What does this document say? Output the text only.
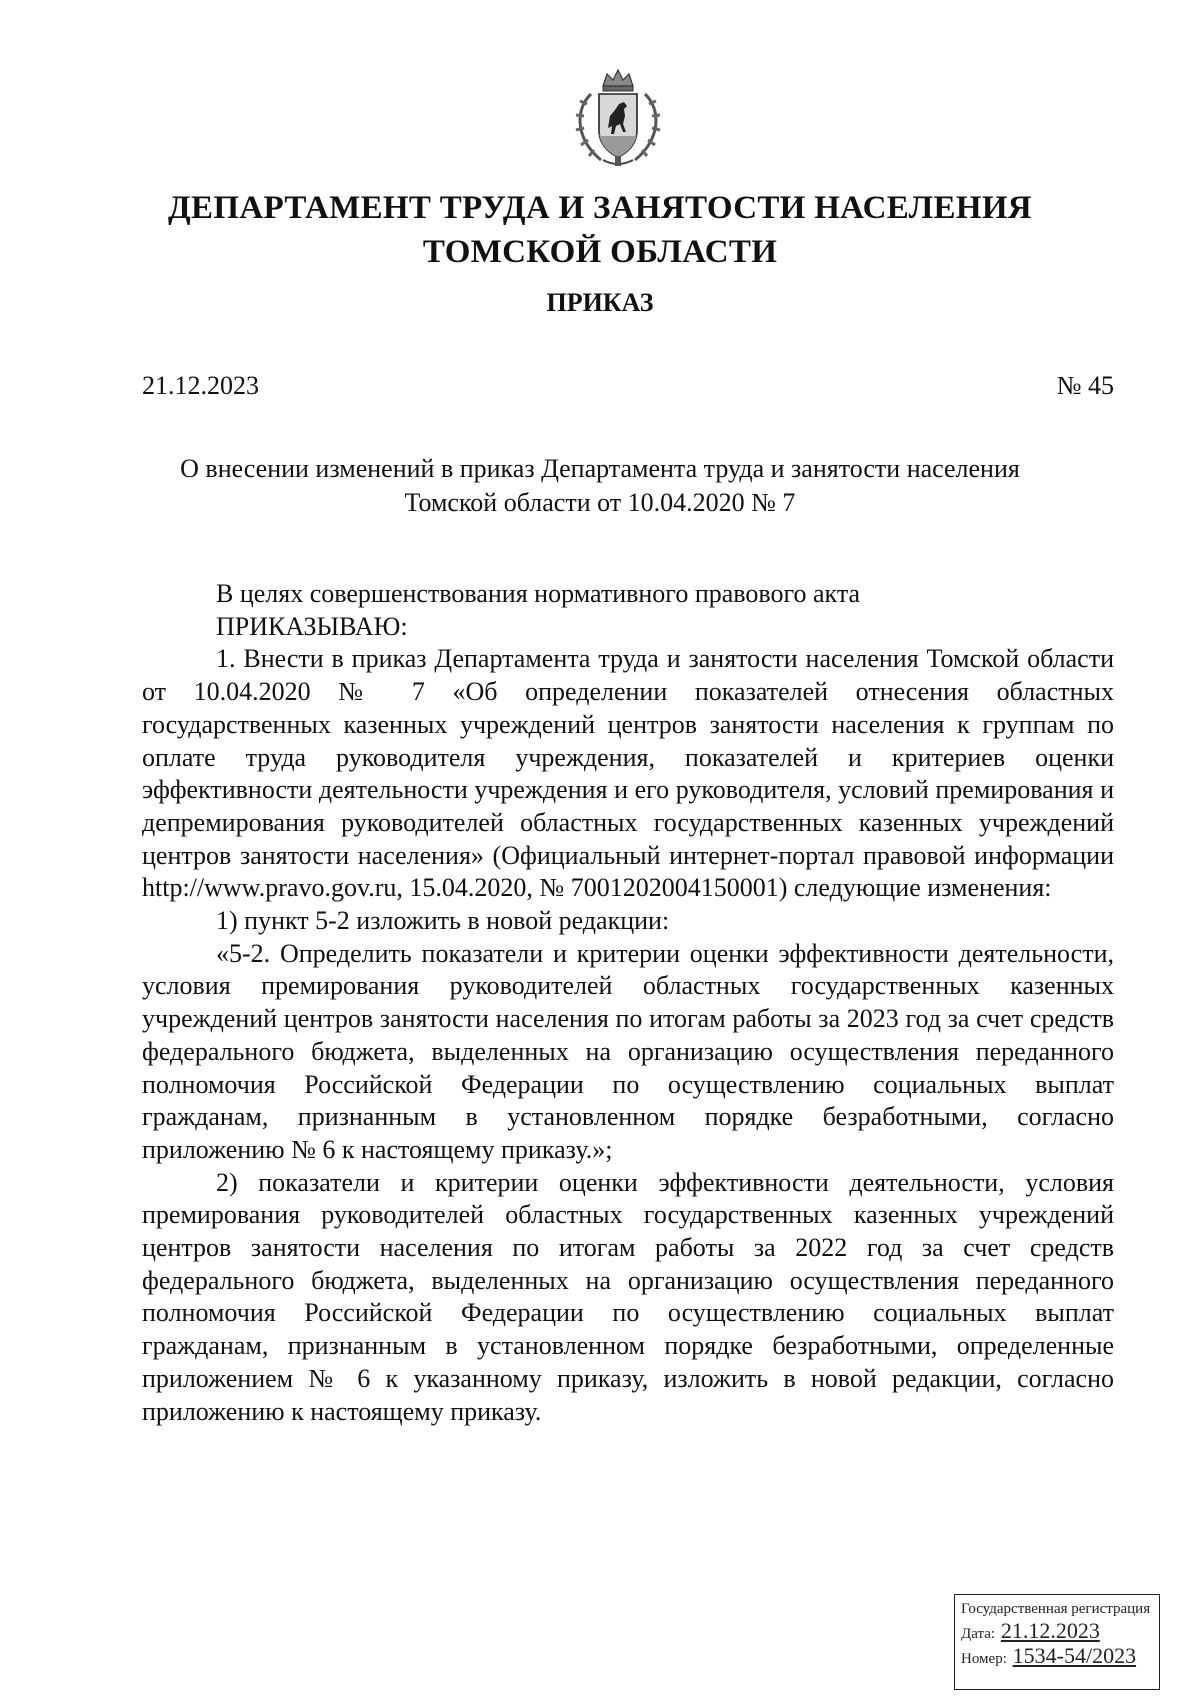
ДЕПАРТАМЕНТ ТРУДА И ЗАНЯТОСТИ НАСЕЛЕНИЯ
ТОМСКОЙ ОБЛАСТИ
ПРИКАЗ
21.12.2023	№ 45
О внесении изменений в приказ Департамента труда и занятости населения
Томской области от 10.04.2020 № 7

В целях совершенствования нормативного правового акта

ПРИКАЗЫВАЮ:

1. Внести в приказ Департамента труда и занятости населения Томской области от 10.04.2020 № 7 «Об определении показателей отнесения областных государственных казенных учреждений центров занятости населения к группам по оплате труда руководителя учреждения, показателей и критериев оценки эффективности деятельности учреждения и его руководителя, условий премирования и депремирования руководителей областных государственных казенных учреждений центров занятости населения» (Официальный интернет-портал правовой информации http://www.pravo.gov.ru, 15.04.2020, № 7001202004150001) следующие изменения:

1) пункт 5-2 изложить в новой редакции:

«5-2. Определить показатели и критерии оценки эффективности деятельности, условия премирования руководителей областных государственных казенных учреждений центров занятости населения по итогам работы за 2023 год за счет средств федерального бюджета, выделенных на организацию осуществления переданного полномочия Российской Федерации по осуществлению социальных выплат гражданам, признанным в установленном порядке безработными, согласно приложению № 6 к настоящему приказу.»;

2) показатели и критерии оценки эффективности деятельности, условия премирования руководителей областных государственных казенных учреждений центров занятости населения по итогам работы за 2022 год за счет средств федерального бюджета, выделенных на организацию осуществления переданного полномочия Российской Федерации по осуществлению социальных выплат гражданам, признанным в установленном порядке безработными, определенные приложением № 6 к указанному приказу, изложить в новой редакции, согласно приложению к настоящему приказу.

Государственная регистрация
Дата: 21.12.2023
Номер: 1534-54/2023
